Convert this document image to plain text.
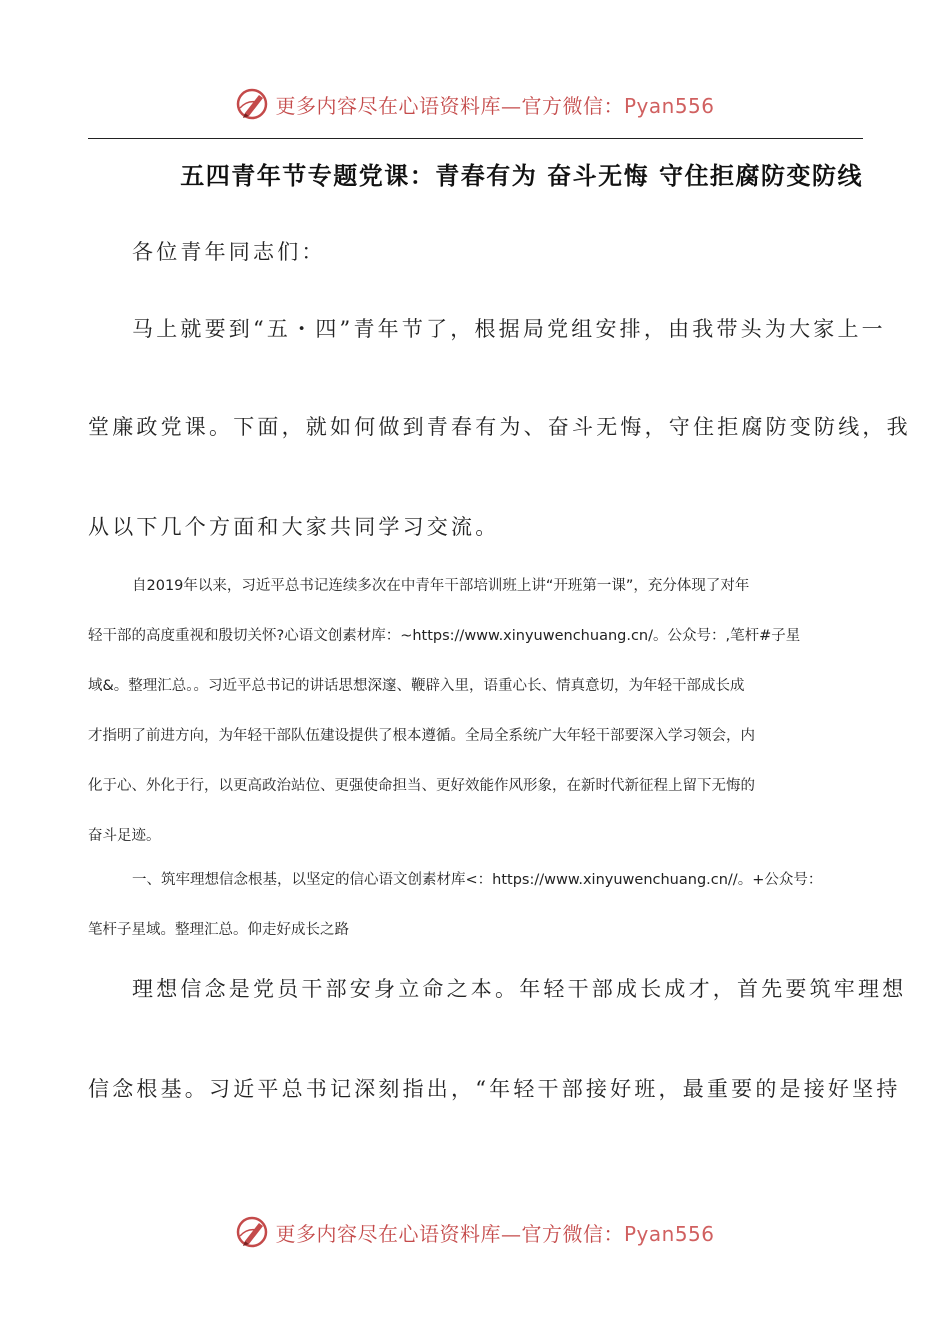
更多内容尽在心语资料库—官方微信：Pyan556
五四青年节专题党课：青春有为 奋斗无悔 守住拒腐防变防线
各位青年同志们：
马上就要到“五・四”青年节了，根据局党组安排，由我带头为大家上一
堂廉政党课。下面，就如何做到青春有为、奋斗无悔，守住拒腐防变防线，我
从以下几个方面和大家共同学习交流。

自2019年以来，习近平总书记连续多次在中青年干部培训班上讲“开班第一课”，充分体现了对年

轻干部的高度重视和殷切关怀?心语文创素材库：~https://www.xinyuwenchuang.cn/。公众号：,笔杆#子星

域&。整理汇总。。习近平总书记的讲话思想深邃、鞭辟入里，语重心长、情真意切，为年轻干部成长成

才指明了前进方向，为年轻干部队伍建设提供了根本遵循。全局全系统广大年轻干部要深入学习领会，内

化于心、外化于行，以更高政治站位、更强使命担当、更好效能作风形象，在新时代新征程上留下无悔的

奋斗足迹。

一、筑牢理想信念根基，以坚定的信心语文创素材库<：https://www.xinyuwenchuang.cn//。+公众号：

笔杆子星域。整理汇总。仰走好成长之路

理想信念是党员干部安身立命之本。年轻干部成长成才，首先要筑牢理想
信念根基。习近平总书记深刻指出，“年轻干部接好班，最重要的是接好坚持
更多内容尽在心语资料库—官方微信：Pyan556
